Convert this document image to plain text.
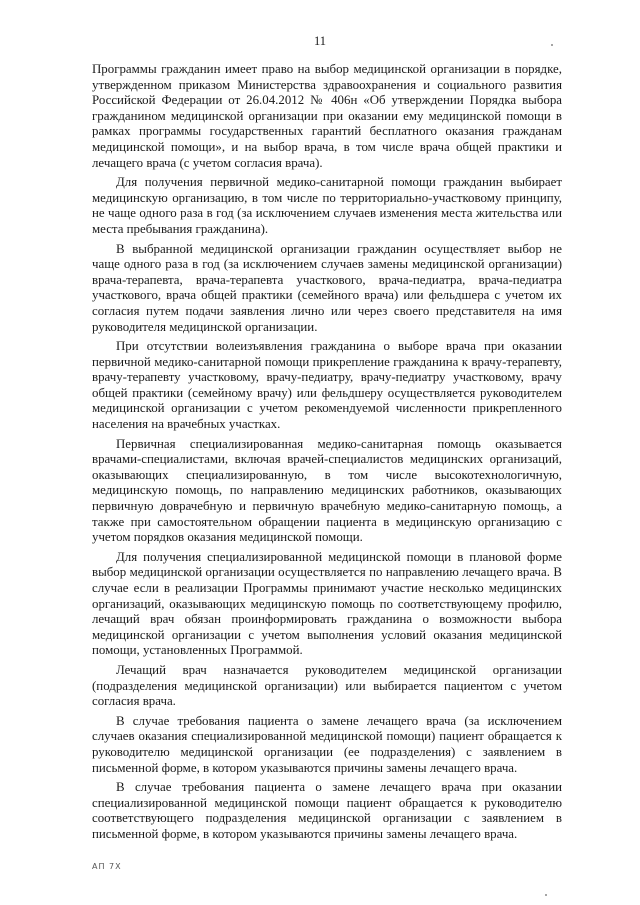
11

Программы гражданин имеет право на выбор медицинской организации в порядке, утвержденном приказом Министерства здравоохранения и социального развития Российской Федерации от 26.04.2012 № 406н «Об утверждении Порядка выбора гражданином медицинской организации при оказании ему медицинской помощи в рамках программы государственных гарантий бесплатного оказания гражданам медицинской помощи», и на выбор врача, в том числе врача общей практики и лечащего врача (с учетом согласия врача).

Для получения первичной медико-санитарной помощи гражданин выбирает медицинскую организацию, в том числе по территориально-участковому принципу, не чаще одного раза в год (за исключением случаев изменения места жительства или места пребывания гражданина).

В выбранной медицинской организации гражданин осуществляет выбор не чаще одного раза в год (за исключением случаев замены медицинской организации) врача-терапевта, врача-терапевта участкового, врача-педиатра, врача-педиатра участкового, врача общей практики (семейного врача) или фельдшера с учетом их согласия путем подачи заявления лично или через своего представителя на имя руководителя медицинской организации.

При отсутствии волеизъявления гражданина о выборе врача при оказании первичной медико-санитарной помощи прикрепление гражданина к врачу-терапевту, врачу-терапевту участковому, врачу-педиатру, врачу-педиатру участковому, врачу общей практики (семейному врачу) или фельдшеру осуществляется руководителем медицинской организации с учетом рекомендуемой численности прикрепленного населения на врачебных участках.

Первичная специализированная медико-санитарная помощь оказывается врачами-специалистами, включая врачей-специалистов медицинских организаций, оказывающих специализированную, в том числе высокотехнологичную, медицинскую помощь, по направлению медицинских работников, оказывающих первичную доврачебную и первичную врачебную медико-санитарную помощь, а также при самостоятельном обращении пациента в медицинскую организацию с учетом порядков оказания медицинской помощи.

Для получения специализированной медицинской помощи в плановой форме выбор медицинской организации осуществляется по направлению лечащего врача. В случае если в реализации Программы принимают участие несколько медицинских организаций, оказывающих медицинскую помощь по соответствующему профилю, лечащий врач обязан проинформировать гражданина о возможности выбора медицинской организации с учетом выполнения условий оказания медицинской помощи, установленных Программой.

Лечащий врач назначается руководителем медицинской организации (подразделения медицинской организации) или выбирается пациентом с учетом согласия врача.

В случае требования пациента о замене лечащего врача (за исключением случаев оказания специализированной медицинской помощи) пациент обращается к руководителю медицинской организации (ее подразделения) с заявлением в письменной форме, в котором указываются причины замены лечащего врача.

В случае требования пациента о замене лечащего врача при оказании специализированной медицинской помощи пациент обращается к руководителю соответствующего подразделения медицинской организации с заявлением в письменной форме, в котором указываются причины замены лечащего врача.

АП 7Х
